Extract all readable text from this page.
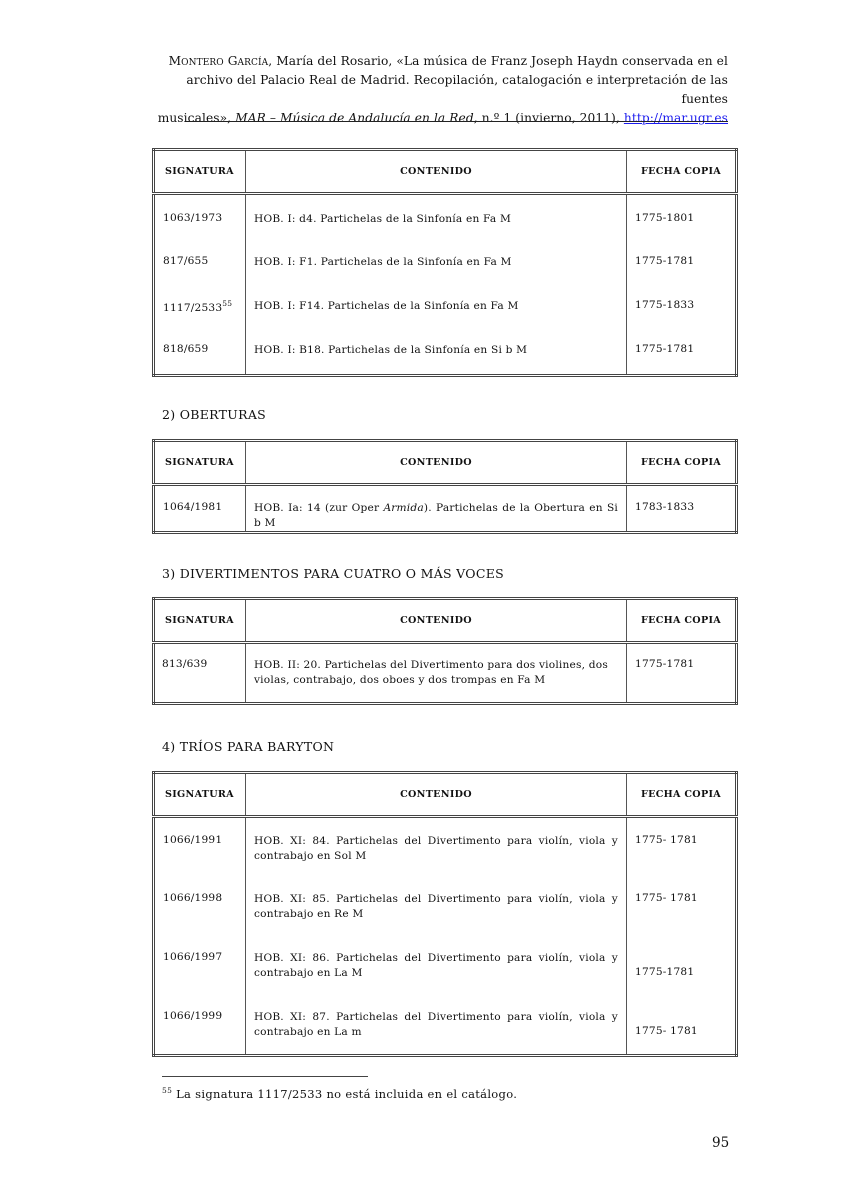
Montero García, María del Rosario, «La música de Franz Joseph Haydn conservada en el
archivo del Palacio Real de Madrid. Recopilación, catalogación e interpretación de las fuentes
musicales», MAR – Música de Andalucía en la Red, n.º 1 (invierno, 2011), http://mar.ugr.es
SIGNATURA	CONTENIDO	FECHA COPIA
1063/1973	HOB. I: d4. Partichelas de la Sinfonía en Fa M	1775-1801
817/655	HOB. I: F1. Partichelas de la Sinfonía en Fa M	1775-1781
1117/2533$^{55}$	HOB. I: F14. Partichelas de la Sinfonía en Fa M	1775-1833
818/659	HOB. I: B18. Partichelas de la Sinfonía en Si b M	1775-1781
2) OBERTURAS
SIGNATURA	CONTENIDO	FECHA COPIA
1064/1981	HOB. Ia: 14 (zur Oper Armida). Partichelas de la Obertura en Si b M	1783-1833
3) DIVERTIMENTOS PARA CUATRO O MÁS VOCES
SIGNATURA	CONTENIDO	FECHA COPIA
813/639	HOB. II: 20. Partichelas del Divertimento para dos violines, dos violas, contrabajo, dos oboes y dos trompas en Fa M	1775-1781
4) TRÍOS PARA BARYTON
SIGNATURA	CONTENIDO	FECHA COPIA
1066/1991	HOB. XI: 84. Partichelas del Divertimento para violín, viola y contrabajo en Sol M	1775- 1781
1066/1998	HOB. XI: 85. Partichelas del Divertimento para violín, viola y contrabajo en Re M	1775- 1781
1066/1997	HOB. XI: 86. Partichelas del Divertimento para violín, viola y contrabajo en La M	1775-1781
1066/1999	HOB. XI: 87. Partichelas del Divertimento para violín, viola y contrabajo en La m	1775- 1781
$^{55}$ La signatura 1117/2533 no está incluida en el catálogo.
95
